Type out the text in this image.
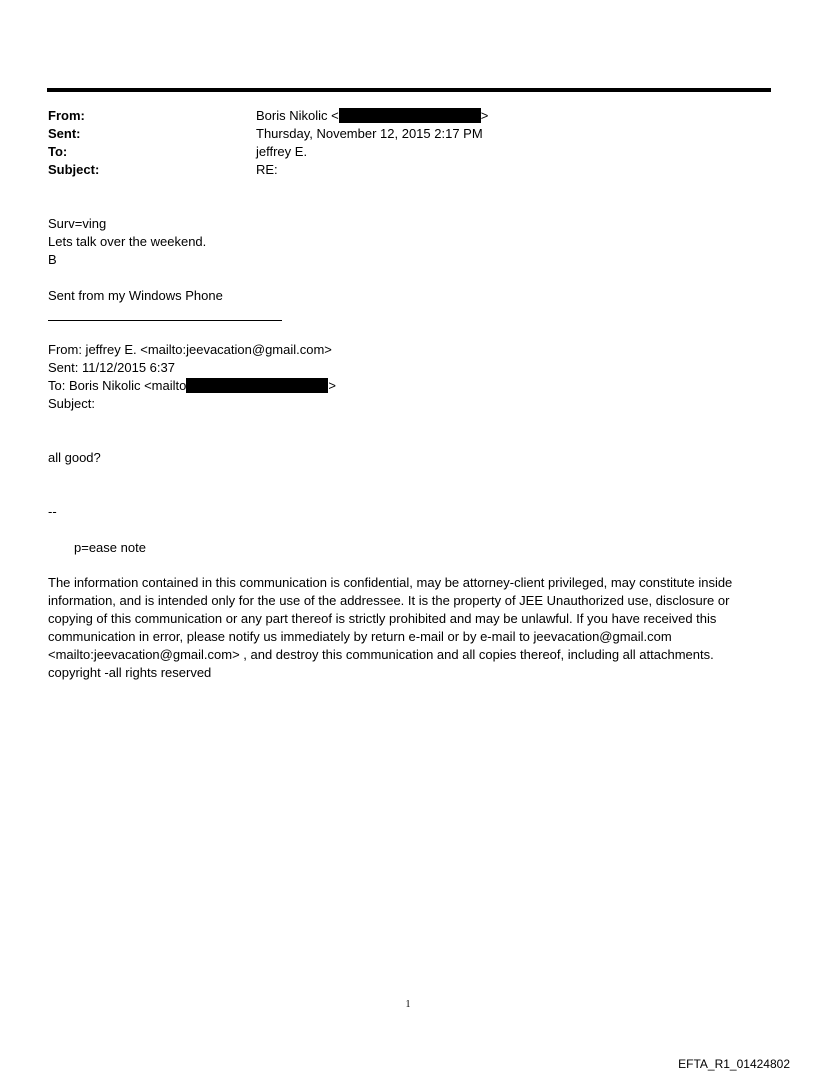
From:	Boris Nikolic <	>
Sent:	Thursday, November 12, 2015 2:17 PM
To:	jeffrey E.
Subject:	RE:
Surv=ving
Lets talk over the weekend.
B
Sent from my Windows Phone
From: jeffrey E. <mailto:jeevacation@gmail.com>
Sent: 11/12/2015 6:37
To: Boris Nikolic <mailto	>
Subject:
all good?
--
p=ease note
The information contained in this communication is confidential, may be attorney-client privileged, may constitute inside information, and is intended only for the use of the addressee. It is the property of JEE Unauthorized use, disclosure or copying of this communication or any part thereof is strictly prohibited and may be unlawful. If you have received this communication in error, please notify us immediately by return e-mail or by e-mail to jeevacation@gmail.com <mailto:jeevacation@gmail.com> , and destroy this communication and all copies thereof, including all attachments. copyright -all rights reserved
1
EFTA_R1_01424802
